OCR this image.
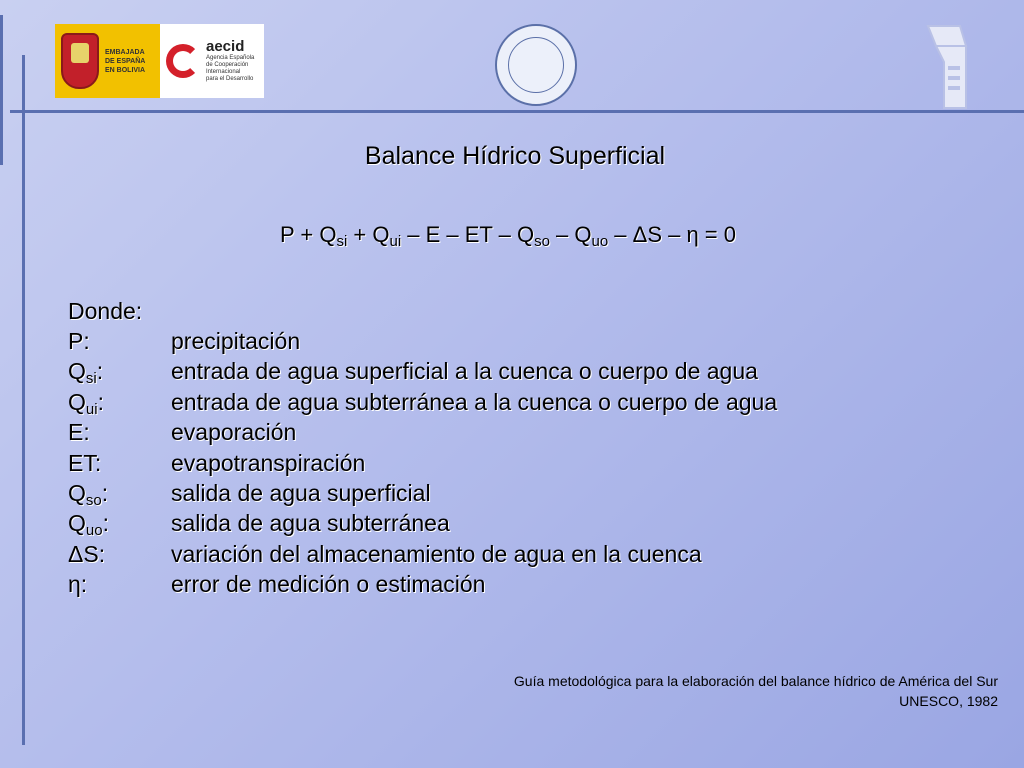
EMBAJADA
DE ESPAÑA
EN BOLIVIA
aecid
Agencia Española
de Cooperación
Internacional
para el Desarrollo
Balance Hídrico Superficial
$P + Q_{si} + Q_{ui} - E$ – ET – $Q_{so} - Q_{uo} - \Delta S - \eta = 0$
Donde:
P:	precipitación
$Q_{si}$:	entrada de agua superficial a la cuenca o cuerpo de agua
$Q_{ui}$:	entrada de agua subterránea a la cuenca o cuerpo de agua
E:	evaporación
ET:	evapotranspiración
$Q_{so}$:	salida de agua superficial
$Q_{uo}$:	salida de agua subterránea
ΔS:	variación del almacenamiento de agua en la cuenca
η:	error de medición o estimación
Guía metodológica para la elaboración del balance hídrico de América del Sur
UNESCO, 1982
